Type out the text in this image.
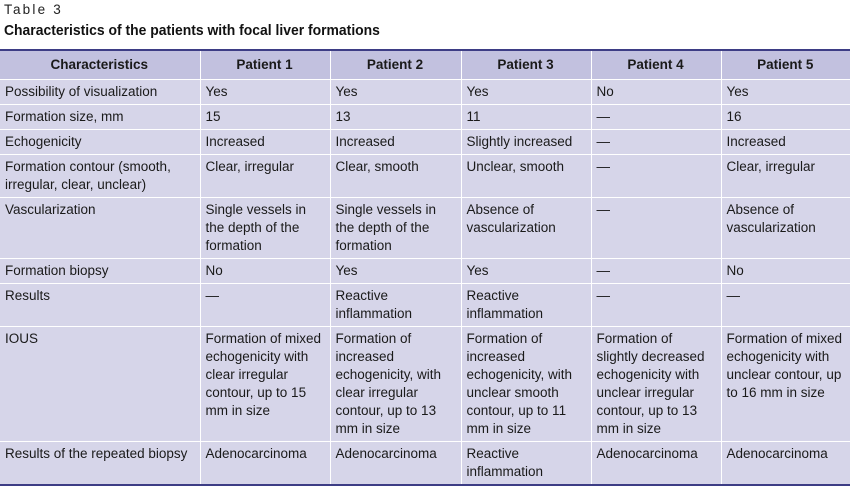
Table 3
Characteristics of the patients with focal liver formations
Characteristics	Patient 1	Patient 2	Patient 3	Patient 4	Patient 5
Possibility of visualization	Yes	Yes	Yes	No	Yes
Formation size, mm	15	13	11	—	16
Echogenicity	Increased	Increased	Slightly increased	—	Increased
Formation contour (smooth, irregular, clear, unclear)	Clear, irregular	Clear, smooth	Unclear, smooth	—	Clear, irregular
Vascularization	Single vessels in the depth of the formation	Single vessels in the depth of the formation	Absence of vascularization	—	Absence of vascularization
Formation biopsy	No	Yes	Yes	—	No
Results	—	Reactive inflammation	Reactive inflammation	—	—
IOUS	Formation of mixed echogenicity with clear irregular contour, up to 15 mm in size	Formation of increased echogenicity, with clear irregular contour, up to 13 mm in size	Formation of increased echogenicity, with unclear smooth contour, up to 11 mm in size	Formation of slightly decreased echogenicity with unclear irregular contour, up to 13 mm in size	Formation of mixed echogenicity with unclear contour, up to 16 mm in size
Results of the repeated biopsy	Adenocarcinoma	Adenocarcinoma	Reactive inflammation	Adenocarcinoma	Adenocarcinoma
